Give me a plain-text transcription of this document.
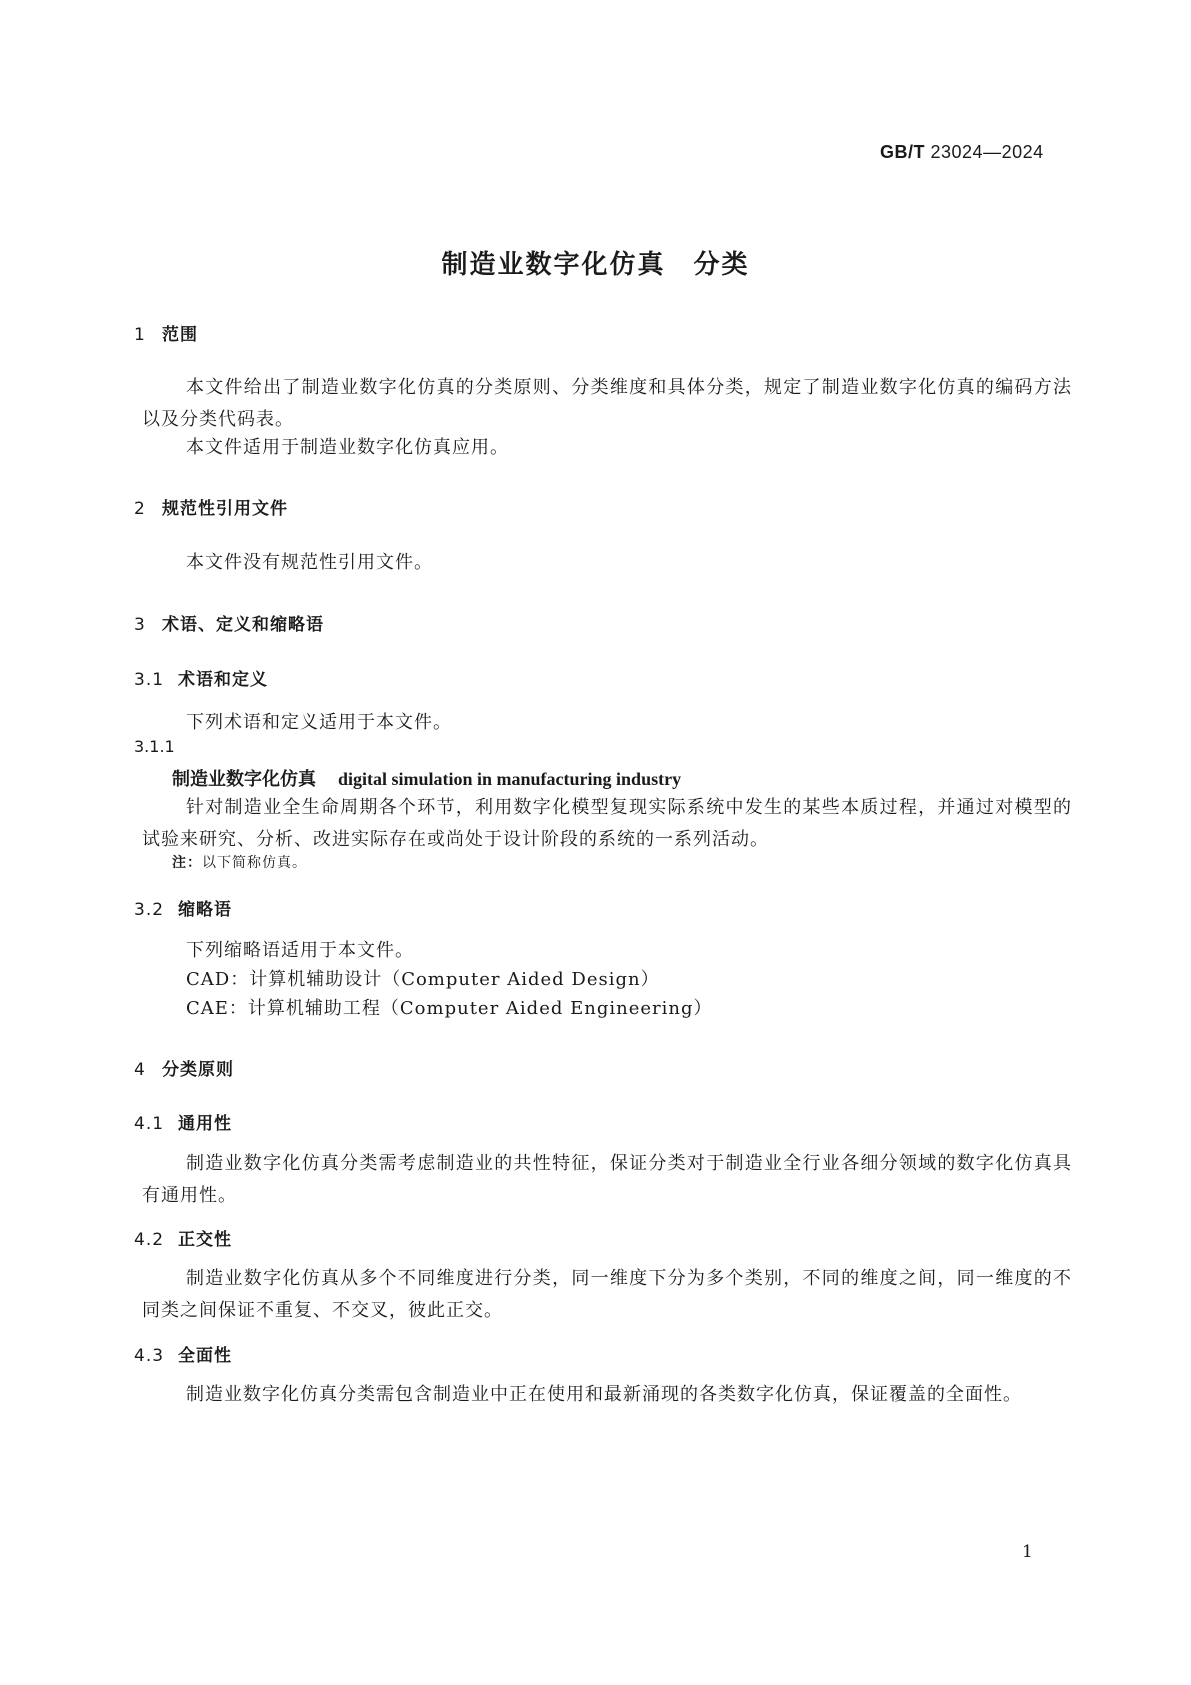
GB/T 23024—2024
制造业数字化仿真　分类
1 范围
本文件给出了制造业数字化仿真的分类原则、分类维度和具体分类，规定了制造业数字化仿真的编码方法以及分类代码表。
本文件适用于制造业数字化仿真应用。
2 规范性引用文件
本文件没有规范性引用文件。
3 术语、定义和缩略语
3.1 术语和定义
下列术语和定义适用于本文件。
3.1.1
制造业数字化仿真 digital simulation in manufacturing industry
针对制造业全生命周期各个环节，利用数字化模型复现实际系统中发生的某些本质过程，并通过对模型的试验来研究、分析、改进实际存在或尚处于设计阶段的系统的一系列活动。
注：以下简称仿真。
3.2 缩略语
下列缩略语适用于本文件。
CAD：计算机辅助设计（Computer Aided Design）
CAE：计算机辅助工程（Computer Aided Engineering）
4 分类原则
4.1 通用性
制造业数字化仿真分类需考虑制造业的共性特征，保证分类对于制造业全行业各细分领域的数字化仿真具有通用性。
4.2 正交性
制造业数字化仿真从多个不同维度进行分类，同一维度下分为多个类别，不同的维度之间，同一维度的不同类之间保证不重复、不交叉，彼此正交。
4.3 全面性
制造业数字化仿真分类需包含制造业中正在使用和最新涌现的各类数字化仿真，保证覆盖的全面性。
1
